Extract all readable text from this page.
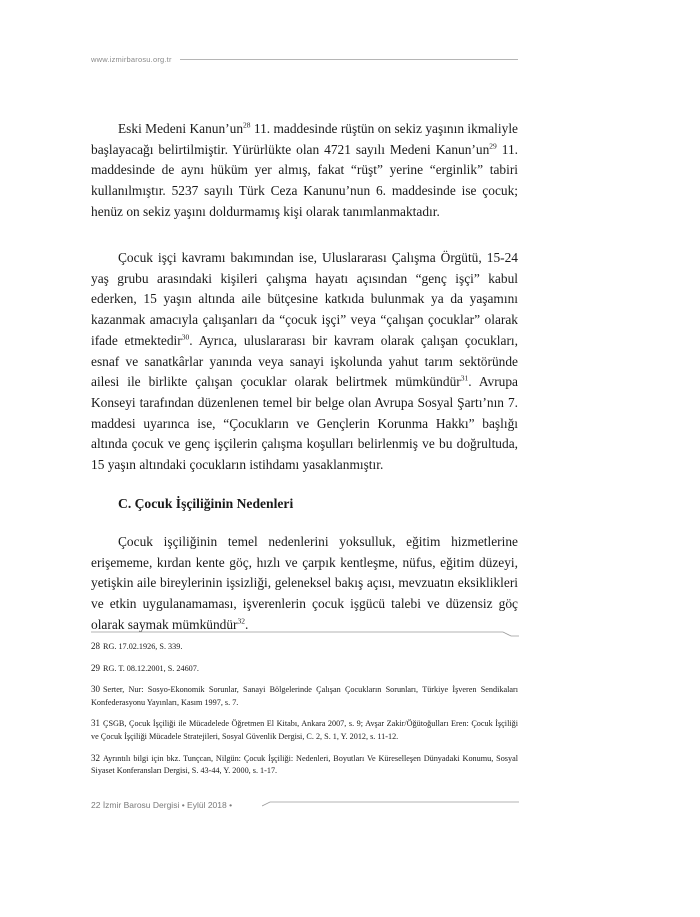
www.izmirbarosu.org.tr

Eski Medeni $Kanun’un^{28}$ 11. maddesinde rüştün on sekiz yaşının ikmaliyle başlayacağı belirtilmiştir. Yürürlükte olan 4721 sayılı Medeni $Kanun’un^{29}$ 11. maddesinde de aynı hüküm yer almış, fakat “rüşt” yerine “erginlik” tabiri kullanılmıştır. 5237 sayılı Türk Ceza Kanunu’nun 6. maddesinde ise çocuk; henüz on sekiz yaşını doldurmamış kişi olarak tanımlanmaktadır.

Çocuk işçi kavramı bakımından ise, Uluslararası Çalışma Örgütü, 15-24 yaş grubu arasındaki kişileri çalışma hayatı açısından “genç işçi” kabul ederken, 15 yaşın altında aile bütçesine katkıda bulunmak ya da yaşamını kazanmak amacıyla çalışanları da “çocuk işçi” veya “çalışan çocuklar” olarak ifade etmektedir$^{30}$. Ayrıca, uluslararası bir kavram olarak çalışan çocukları, esnaf ve sanatkârlar yanında veya sanayi işkolunda yahut tarım sektöründe ailesi ile birlikte çalışan çocuklar olarak belirtmek mümkündür$^{31}$. Avrupa Konseyi tarafından düzenlenen temel bir belge olan Avrupa Sosyal Şartı’nın 7. maddesi uyarınca ise, “Çocukların ve Gençlerin Korunma Hakkı” başlığı altında çocuk ve genç işçilerin çalışma koşulları belirlenmiş ve bu doğrultuda, 15 yaşın altındaki çocukların istihdamı yasaklanmıştır.

C. Çocuk İşçiliğinin Nedenleri

Çocuk işçiliğinin temel nedenlerini yoksulluk, eğitim hizmetlerine erişememe, kırdan kente göç, hızlı ve çarpık kentleşme, nüfus, eğitim düzeyi, yetişkin aile bireylerinin işsizliği, geleneksel bakış açısı, mevzuatın eksiklikleri ve etkin uygulanamaması, işverenlerin çocuk işgücü talebi ve düzensiz göç olarak saymak mümkündür$^{32}$.

28 RG. 17.02.1926, S. 339.

29 RG. T. 08.12.2001, S. 24607.

30 Serter, Nur: Sosyo-Ekonomik Sorunlar, Sanayi Bölgelerinde Çalışan Çocukların Sorunları, Türkiye İşveren Sendikaları Konfederasyonu Yayınları, Kasım 1997, s. 7.

31 ÇSGB, Çocuk İşçiliği ile Mücadelede Öğretmen El Kitabı, Ankara 2007, s. 9; Avşar Zakir/Öğütoğulları Eren: Çocuk İşçiliği ve Çocuk İşçiliği Mücadele Stratejileri, Sosyal Güvenlik Dergisi, C. 2, S. 1, Y. 2012, s. 11-12.

32 Ayrıntılı bilgi için bkz. Tunçcan, Nilgün: Çocuk İşçiliği: Nedenleri, Boyutları Ve Küreselleşen Dünyadaki Konumu, Sosyal Siyaset Konferansları Dergisi, S. 43-44, Y. 2000, s. 1-17.

22 İzmir Barosu Dergisi • Eylül 2018 •
